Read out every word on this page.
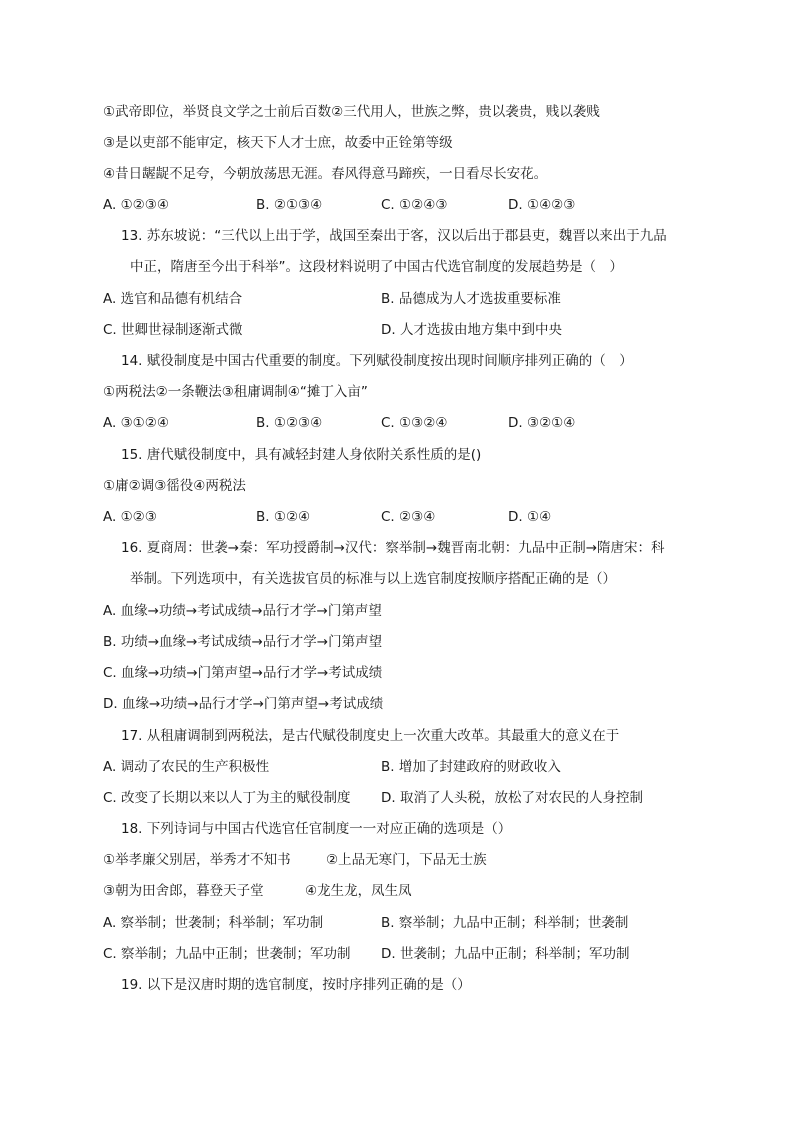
①武帝即位，举贤良文学之士前后百数②三代用人，世族之弊，贵以袭贵，贱以袭贱
③是以吏部不能审定，核天下人才士庶，故委中正铨第等级
④昔日龌龊不足夸，今朝放荡思无涯。春风得意马蹄疾，一日看尽长安花。
A. ①②③④	B. ②①③④	C. ①②④③	D. ①④②③
13. 苏东坡说：“三代以上出于学，战国至秦出于客，汉以后出于郡县吏，魏晋以来出于九品
中正，隋唐至今出于科举”。这段材料说明了中国古代选官制度的发展趋势是（　）
A. 选官和品德有机结合	B. 品德成为人才选拔重要标准
C. 世卿世禄制逐渐式微	D. 人才选拔由地方集中到中央
14. 赋役制度是中国古代重要的制度。下列赋役制度按出现时间顺序排列正确的（　）
①两税法②一条鞭法③租庸调制④“摊丁入亩”
A. ③①②④	B. ①②③④	C. ①③②④	D. ③②①④
15. 唐代赋役制度中，具有减轻封建人身依附关系性质的是()
①庸②调③徭役④两税法
A. ①②③	B. ①②④	C. ②③④	D. ①④
16. 夏商周：世袭→秦：军功授爵制→汉代：察举制→魏晋南北朝：九品中正制→隋唐宋：科
举制。下列选项中，有关选拔官员的标准与以上选官制度按顺序搭配正确的是（）
A. 血缘→功绩→考试成绩→品行才学→门第声望
B. 功绩→血缘→考试成绩→品行才学→门第声望
C. 血缘→功绩→门第声望→品行才学→考试成绩
D. 血缘→功绩→品行才学→门第声望→考试成绩
17. 从租庸调制到两税法，是古代赋役制度史上一次重大改革。其最重大的意义在于
A. 调动了农民的生产积极性	B. 增加了封建政府的财政收入
C. 改变了长期以来以人丁为主的赋役制度 D. 取消了人头税，放松了对农民的人身控制
18. 下列诗词与中国古代选官任官制度一一对应正确的选项是（）
①举孝廉父别居，举秀才不知书	②上品无寒门，下品无士族
③朝为田舍郎，暮登天子堂	④龙生龙，凤生凤
A. 察举制；世袭制；科举制；军功制	B. 察举制；九品中正制；科举制；世袭制
C. 察举制；九品中正制；世袭制；军功制 D. 世袭制；九品中正制；科举制；军功制
19. 以下是汉唐时期的选官制度，按时序排列正确的是（）
